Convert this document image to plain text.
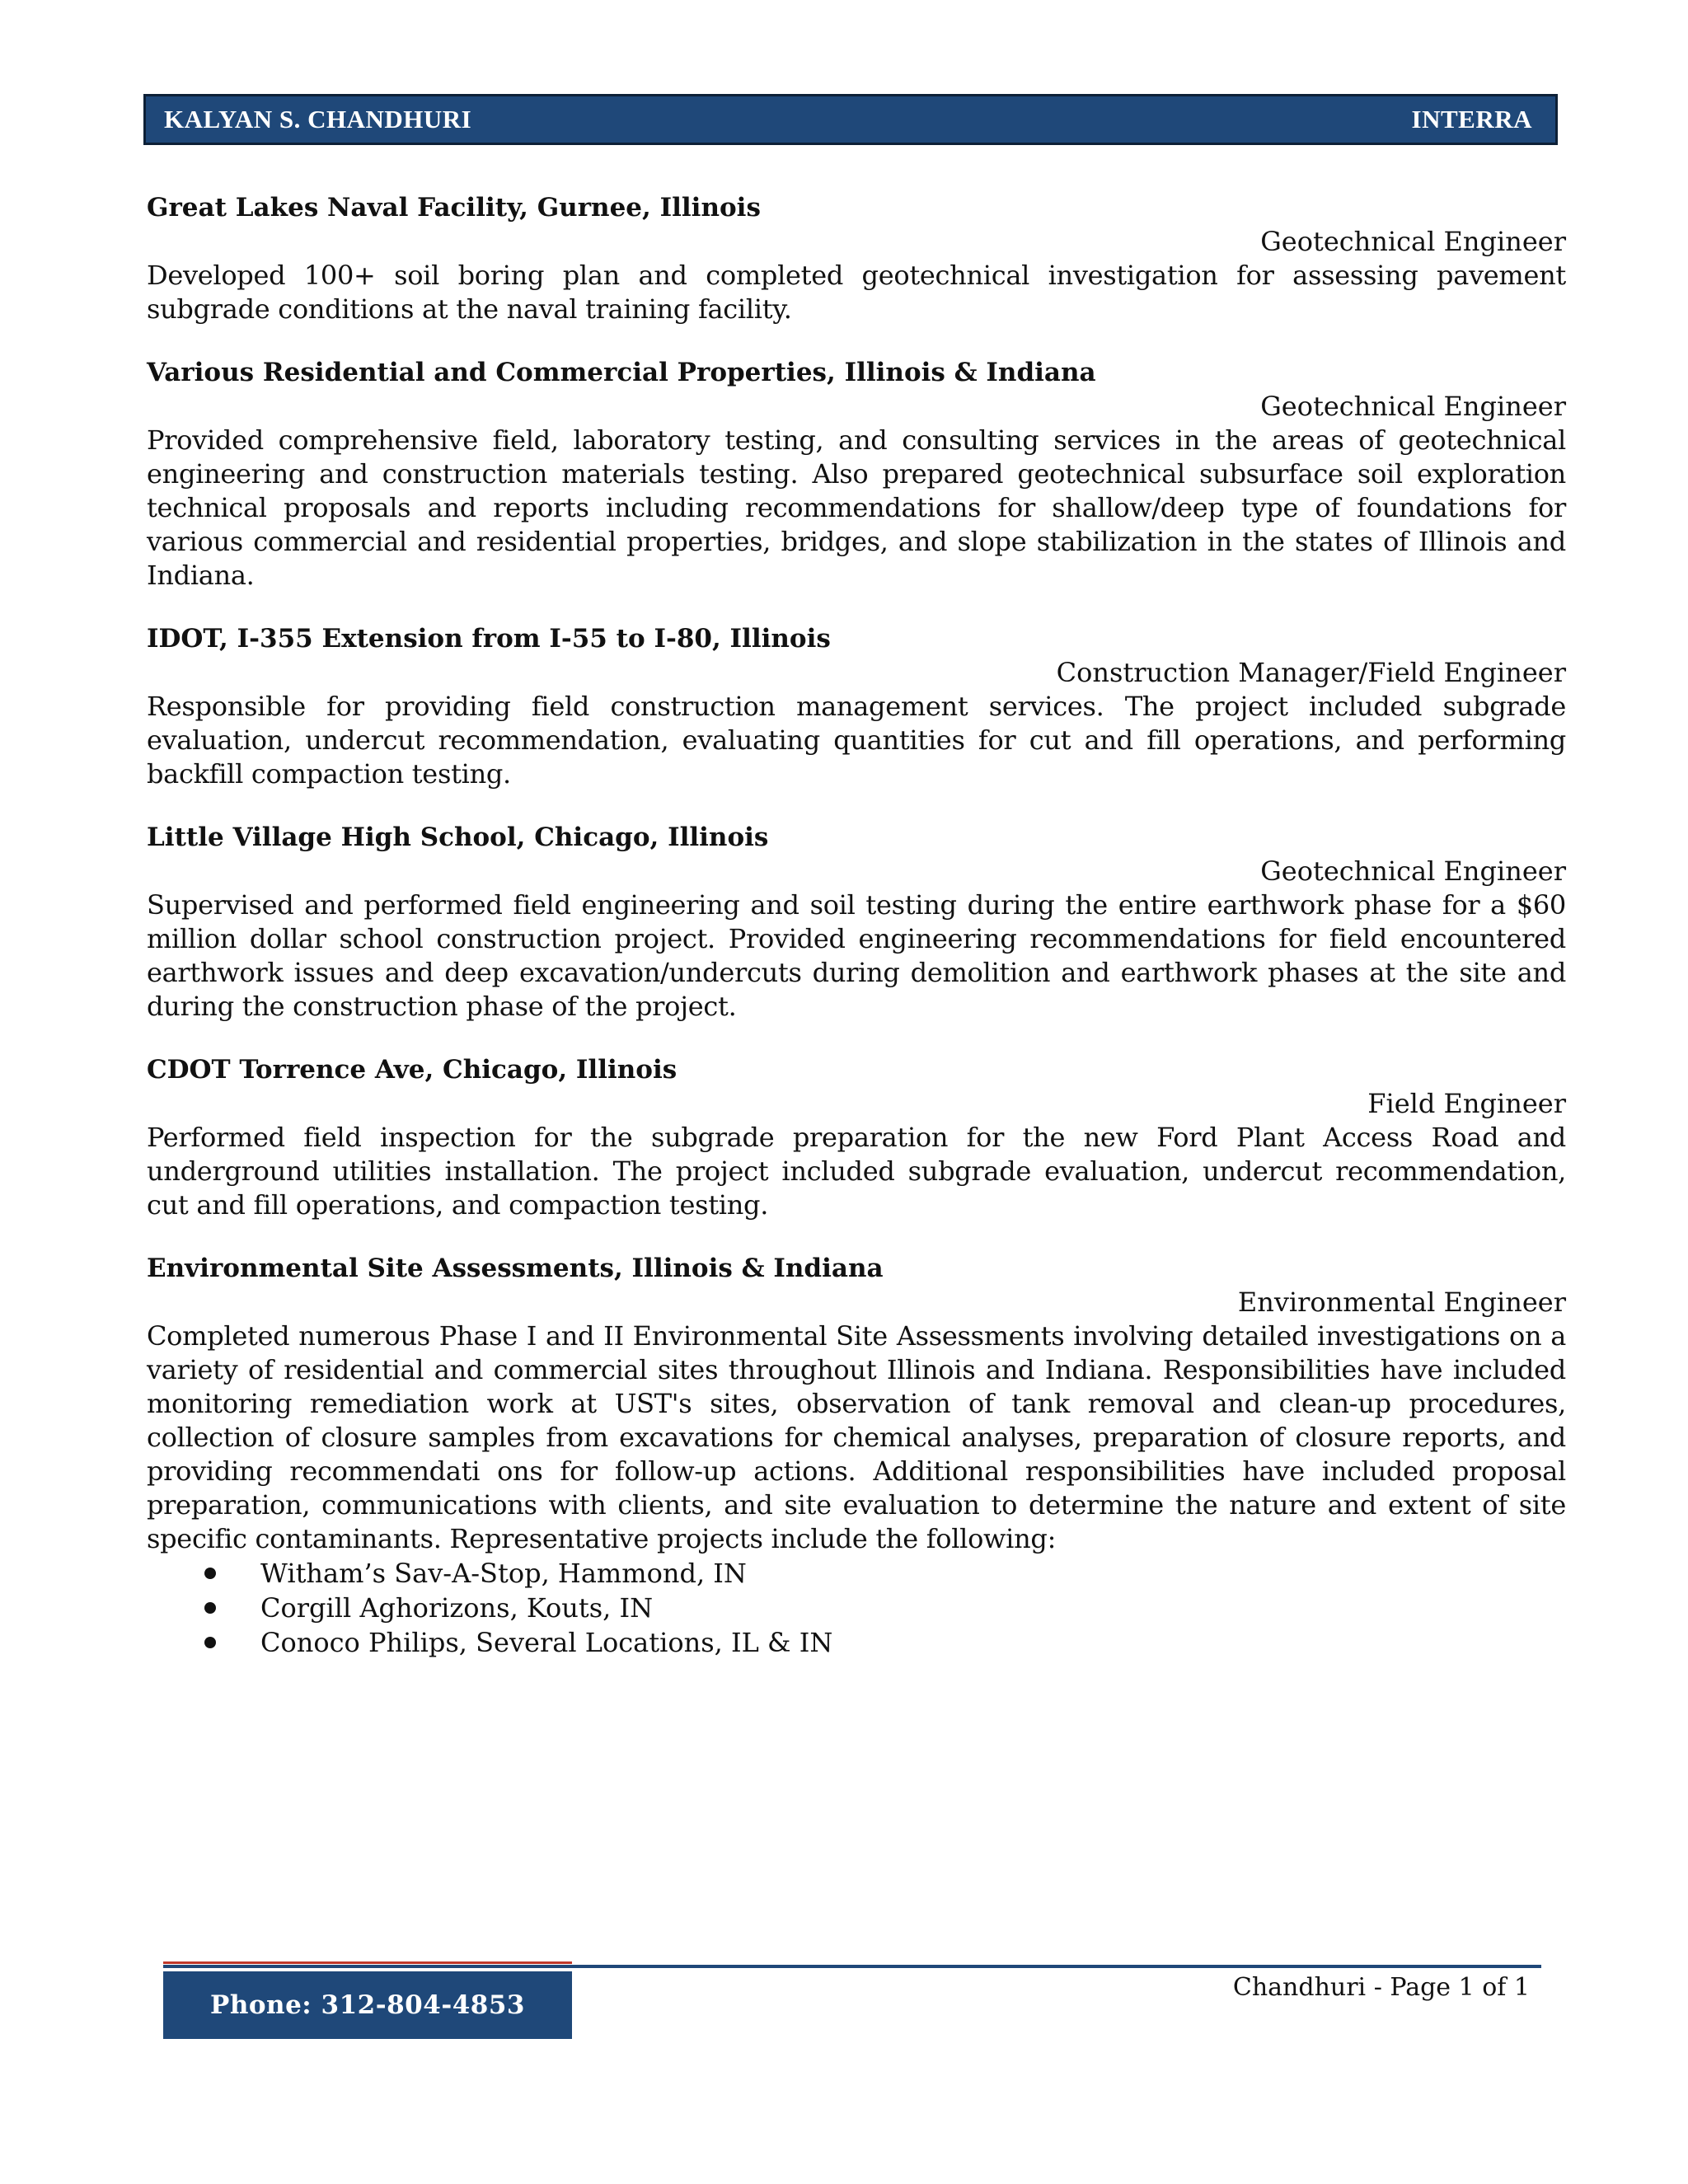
KALYAN S. CHANDHURI	INTERRA

Great Lakes Naval Facility, Gurnee, Illinois

Geotechnical Engineer

Developed 100+ soil boring plan and completed geotechnical investigation for assessing pavement subgrade conditions at the naval training facility.

Various Residential and Commercial Properties, Illinois & Indiana

Geotechnical Engineer

Provided comprehensive field, laboratory testing, and consulting services in the areas of geotechnical engineering and construction materials testing. Also prepared geotechnical subsurface soil exploration technical proposals and reports including recommendations for shallow/deep type of foundations for various commercial and residential properties, bridges, and slope stabilization in the states of Illinois and Indiana.

IDOT, I-355 Extension from I-55 to I-80, Illinois

Construction Manager/Field Engineer

Responsible for providing field construction management services. The project included subgrade evaluation, undercut recommendation, evaluating quantities for cut and fill operations, and performing backfill compaction testing.

Little Village High School, Chicago, Illinois

Geotechnical Engineer

Supervised and performed field engineering and soil testing during the entire earthwork phase for a $60 million dollar school construction project. Provided engineering recommendations for field encountered earthwork issues and deep excavation/undercuts during demolition and earthwork phases at the site and during the construction phase of the project.

CDOT Torrence Ave, Chicago, Illinois

Field Engineer

Performed field inspection for the subgrade preparation for the new Ford Plant Access Road and underground utilities installation. The project included subgrade evaluation, undercut recommendation, cut and fill operations, and compaction testing.

Environmental Site Assessments, Illinois & Indiana

Environmental Engineer

Completed numerous Phase I and II Environmental Site Assessments involving detailed investigations on a variety of residential and commercial sites throughout Illinois and Indiana. Responsibilities have included monitoring remediation work at UST's sites, observation of tank removal and clean-up procedures, collection of closure samples from excavations for chemical analyses, preparation of closure reports, and providing recommendati ons for follow-up actions. Additional responsibilities have included proposal preparation, communications with clients, and site evaluation to determine the nature and extent of site specific contaminants. Representative projects include the following:

Witham’s Sav-A-Stop, Hammond, IN
Corgill Aghorizons, Kouts, IN
Conoco Philips, Several Locations, IL & IN
Phone: 312-804-4853
Chandhuri - Page 1 of 1
